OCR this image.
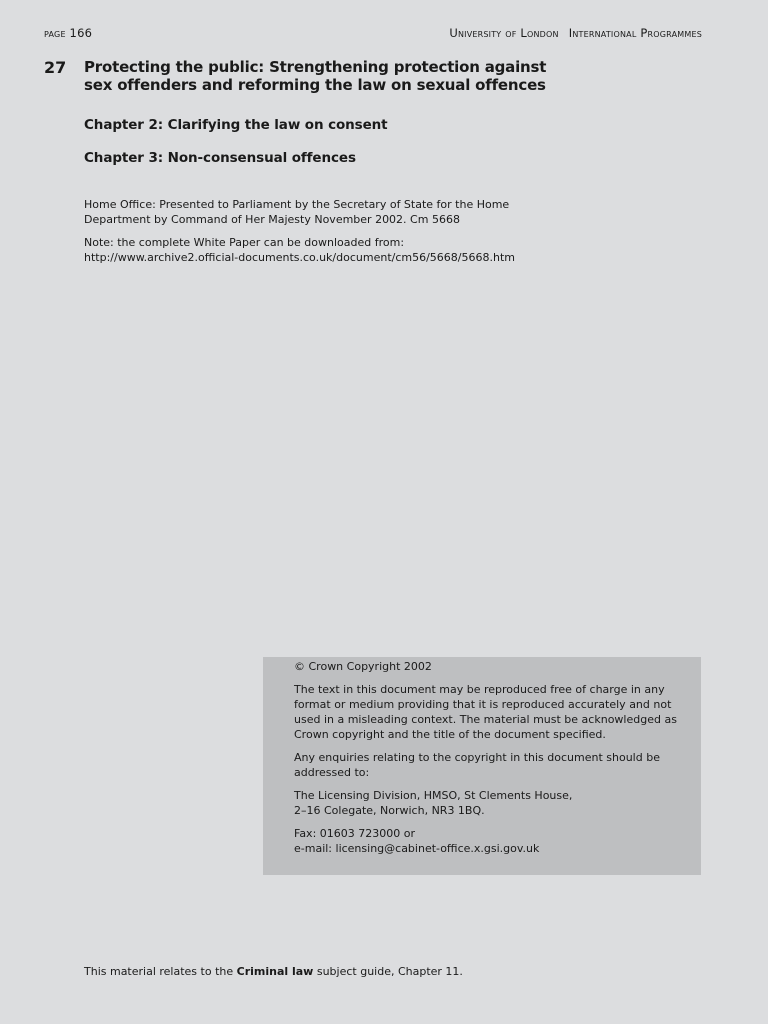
page 166	University of London International Programmes
27 Protecting the public: Strengthening protection against sex offenders and reforming the law on sexual offences
Chapter 2: Clarifying the law on consent
Chapter 3: Non-consensual offences
Home Office: Presented to Parliament by the Secretary of State for the Home
Department by Command of Her Majesty November 2002. Cm 5668
Note: the complete White Paper can be downloaded from:
http://www.archive2.official-documents.co.uk/document/cm56/5668/5668.htm

© Crown Copyright 2002

The text in this document may be reproduced free of charge in any format or medium providing that it is reproduced accurately and not used in a misleading context. The material must be acknowledged as Crown copyright and the title of the document specified.

Any enquiries relating to the copyright in this document should be addressed to:

The Licensing Division, HMSO, St Clements House,
2–16 Colegate, Norwich, NR3 1BQ.

Fax: 01603 723000 or
e-mail: licensing@cabinet-office.x.gsi.gov.uk

This material relates to the Criminal law subject guide, Chapter 11.
